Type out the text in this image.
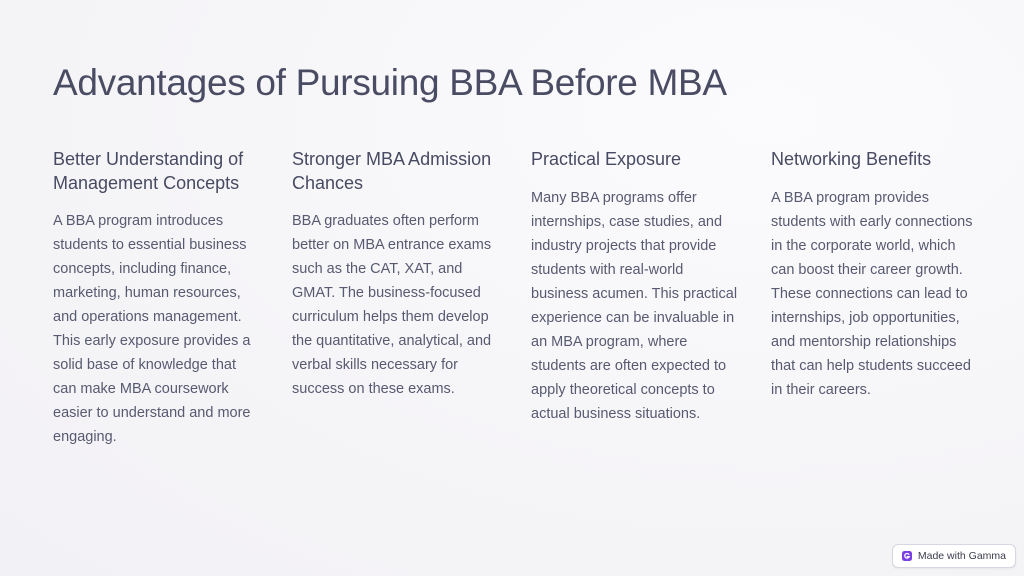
Advantages of Pursuing BBA Before MBA
Better Understanding of Management Concepts

A BBA program introduces students to essential business concepts, including finance, marketing, human resources, and operations management. This early exposure provides a solid base of knowledge that can make MBA coursework easier to understand and more engaging.

Stronger MBA Admission Chances

BBA graduates often perform better on MBA entrance exams such as the CAT, XAT, and GMAT. The business-focused curriculum helps them develop the quantitative, analytical, and verbal skills necessary for success on these exams.

Practical Exposure

Many BBA programs offer internships, case studies, and industry projects that provide students with real-world business acumen. This practical experience can be invaluable in an MBA program, where students are often expected to apply theoretical concepts to actual business situations.

Networking Benefits

A BBA program provides students with early connections in the corporate world, which can boost their career growth. These connections can lead to internships, job opportunities, and mentorship relationships that can help students succeed in their careers.

Made with Gamma
